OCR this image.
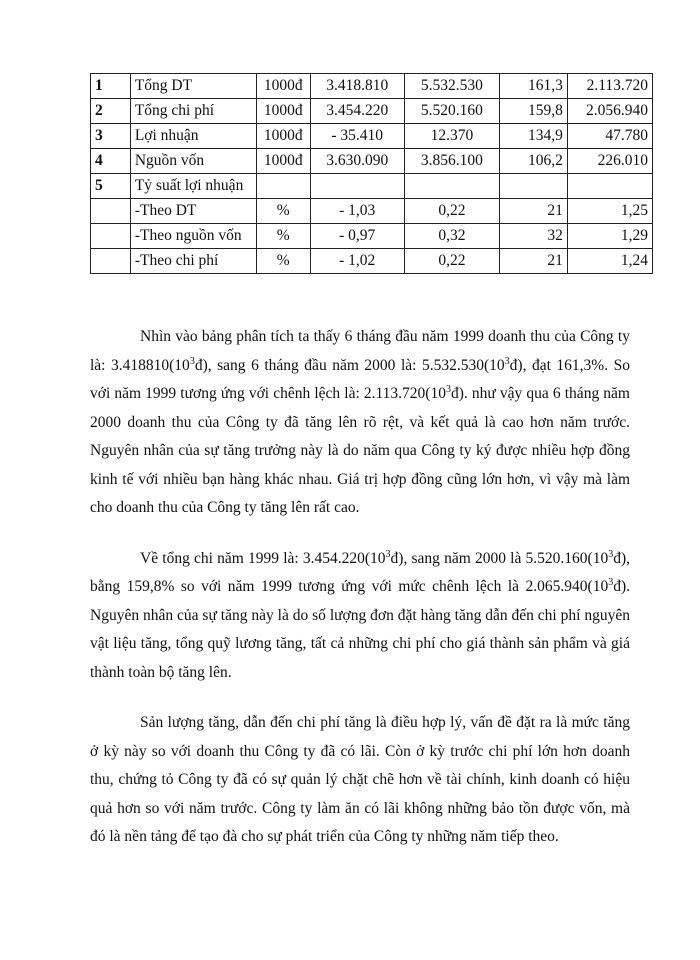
1	Tổng DT	1000đ	3.418.810	5.532.530	161,3	2.113.720
2	Tổng chi phí	1000đ	3.454.220	5.520.160	159,8	2.056.940
3	Lợi nhuận	1000đ	- 35.410	12.370	134,9	47.780
4	Nguồn vốn	1000đ	3.630.090	3.856.100	106,2	226.010
5	Tỷ suất lợi nhuận					
	-Theo DT	%	- 1,03	0,22	21	1,25
	-Theo nguồn vốn	%	- 0,97	0,32	32	1,29
	-Theo chi phí	%	- 1,02	0,22	21	1,24

Nhìn vào bảng phân tích ta thấy 6 tháng đầu năm 1999 doanh thu của Công ty là: $3.418810(10^3đ)$, sang 6 tháng đầu năm 2000 là: $5.532.530(10^3đ)$, đạt 161,3%. So với năm 1999 tương ứng với chênh lệch là: $2.113.720(10^3đ)$. như vậy qua 6 tháng năm 2000 doanh thu của Công ty đã tăng lên rõ rệt, và kết quả là cao hơn năm trước. Nguyên nhân của sự tăng trưởng này là do năm qua Công ty ký được nhiều hợp đồng kinh tế với nhiều bạn hàng khác nhau. Giá trị hợp đồng cũng lớn hơn, vì vậy mà làm cho doanh thu của Công ty tăng lên rất cao.

Về tổng chi năm 1999 là: $3.454.220(10^3đ)$, sang năm 2000 là $5.520.160(10^3đ)$, bằng 159,8% so với năm 1999 tương ứng với mức chênh lệch là $2.065.940(10^3đ)$. Nguyên nhân của sự tăng này là do số lượng đơn đặt hàng tăng dẫn đến chi phí nguyên vật liệu tăng, tổng quỹ lương tăng, tất cả những chi phí cho giá thành sản phẩm và giá thành toàn bộ tăng lên.

Sản lượng tăng, dẫn đến chi phí tăng là điều hợp lý, vấn đề đặt ra là mức tăng ở kỳ này so với doanh thu Công ty đã có lãi. Còn ở kỳ trước chi phí lớn hơn doanh thu, chứng tỏ Công ty đã có sự quản lý chặt chẽ hơn về tài chính, kinh doanh có hiệu quả hơn so với năm trước. Công ty làm ăn có lãi không những bảo tồn được vốn, mà đó là nền tảng để tạo đà cho sự phát triển của Công ty những năm tiếp theo.
